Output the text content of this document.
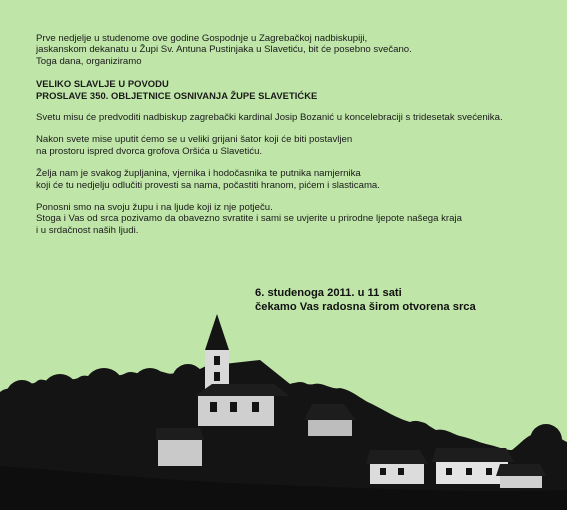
Prve nedjelje u studenome ove godine Gospodnje u Zagrebačkoj nadbiskupiji,
jaskanskom dekanatu u Župi Sv. Antuna Pustinjaka u Slavetiću, bit će posebno svečano.
Toga dana, organiziramo

VELIKO SLAVLJE U POVODU
PROSLAVE 350. OBLJETNICE OSNIVANJA ŽUPE SLAVETIĆKE

Svetu misu će predvoditi nadbiskup zagrebački kardinal Josip Bozanić u koncelebraciji s tridesetak svećenika.

Nakon svete mise uputit ćemo se u veliki grijani šator koji će biti postavljen
na prostoru ispred dvorca grofova Oršića u Slavetiću.

Želja nam je svakog župljanina, vjernika i hodočasnika te putnika namjernika
koji će tu nedjelju odlučiti provesti sa nama, počastiti hranom, pićem i slasticama.

Ponosni smo na svoju župu i na ljude koji iz nje potječu.
Stoga i Vas od srca pozivamo da obavezno svratite i sami se uvjerite u prirodne ljepote našega kraja
i u srdačnost naših ljudi.

6. studenoga 2011. u 11 sati
čekamo Vas radosna širom otvorena srca
